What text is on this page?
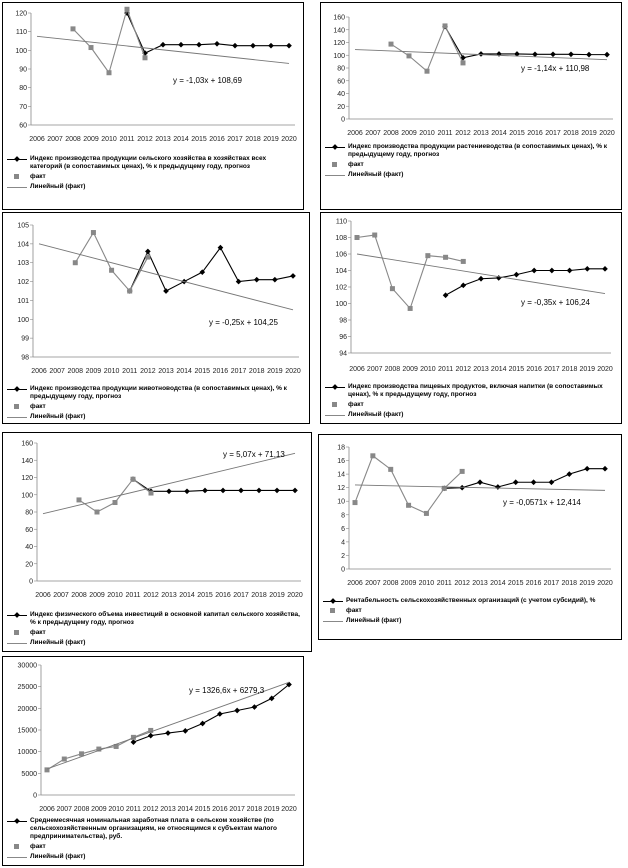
60
70
80
90
100
110
120
2006 2007 2008 2009 2010 2011 2012 2013 2014 2015 2016 2017 2018 2019 2020
y = -1,03x + 108,69
Индекс производства продукции сельского хозяйства в хозяйствах всех категорий (в сопоставимых ценах), % к предыдущему году, прогноз
факт
Линейный (факт)
0
20
40
60
80
100
120
140
160
2006 2007 2008 2009 2010 2011 2012 2013 2014 2015 2016 2017 2018 2019 2020
y = -1,14x + 110,98
Индекс производства продукции растениеводства (в сопоставимых ценах), % к предыдущему году, прогноз
факт
Линейный (факт)
98
99
100
101
102
103
104
105
2006 2007 2008 2009 2010 2011 2012 2013 2014 2015 2016 2017 2018 2019 2020
y = -0,25x + 104,25
Индекс производства продукции животноводства (в сопоставимых ценах), % к предыдущему году, прогноз
факт
Линейный (факт)
94
96
98
100
102
104
106
108
110
2006 2007 2008 2009 2010 2011 2012 2013 2014 2015 2016 2017 2018 2019 2020
y = -0,35x + 106,24
Индекс производства пищевых продуктов, включая напитки (в сопоставимых ценах), % к предыдущему году, прогноз
факт
Линейный (факт)
0
20
40
60
80
100
120
140
160
2006 2007 2008 2009 2010 2011 2012 2013 2014 2015 2016 2017 2018 2019 2020
y = 5,07x + 71,13
Индекс физического объема инвестиций в основной капитал сельского хозяйства, % к предыдущему году, прогноз
факт
Линейный (факт)
0
2
4
6
8
10
12
14
16
18
2006 2007 2008 2009 2010 2011 2012 2013 2014 2015 2016 2017 2018 2019 2020
y = -0,0571x + 12,414
Рентабельность сельскохозяйственных организаций (с учетом субсидий), %
факт
Линейный (факт)
0
5000
10000
15000
20000
25000
30000
2006 2007 2008 2009 2010 2011 2012 2013 2014 2015 2016 2017 2018 2019 2020
y = 1326,6x + 6279,3
Среднемесячная номинальная заработная плата в сельском хозяйстве (по сельскохозяйственным организациям, не относящимся к субъектам малого предпринимательства), руб.
факт
Линейный (факт)
